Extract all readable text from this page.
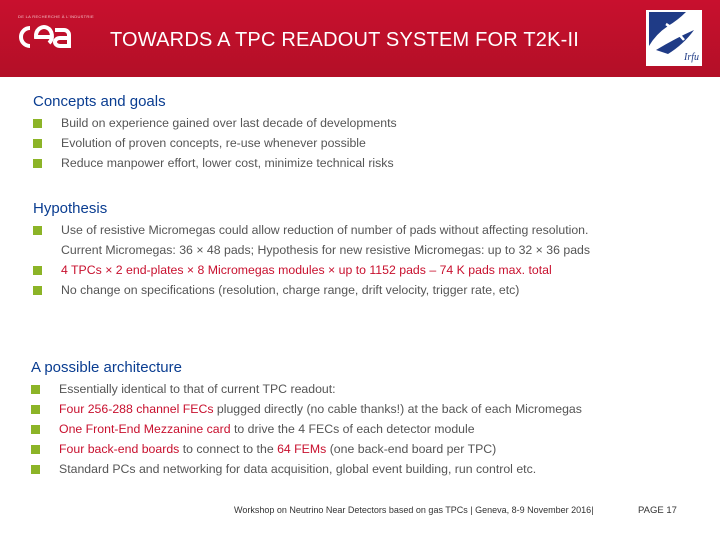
DE LA RECHERCHE À L'INDUSTRIE
TOWARDS A TPC READOUT SYSTEM FOR T2K-II
Irfu
Concepts and goals
Build on experience gained over last decade of developments
Evolution of proven concepts, re-use whenever possible
Reduce manpower effort, lower cost, minimize technical risks
Hypothesis
Use of resistive Micromegas could allow reduction of number of pads without affecting resolution.
Current Micromegas: 36 × 48 pads; Hypothesis for new resistive Micromegas: up to 32 × 36 pads
4 TPCs × 2 end-plates × 8 Micromegas modules × up to 1152 pads – 74 K pads max. total
No change on specifications (resolution, charge range, drift velocity, trigger rate, etc)
A possible architecture
Essentially identical to that of current TPC readout:
Four 256-288 channel FECs plugged directly (no cable thanks!) at the back of each Micromegas
One Front-End Mezzanine card to drive the 4 FECs of each detector module
Four back-end boards to connect to the 64 FEMs (one back-end board per TPC)
Standard PCs and networking for data acquisition, global event building, run control etc.
Workshop on Neutrino Near Detectors based on gas TPCs | Geneva, 8-9 November 2016|	PAGE 17
